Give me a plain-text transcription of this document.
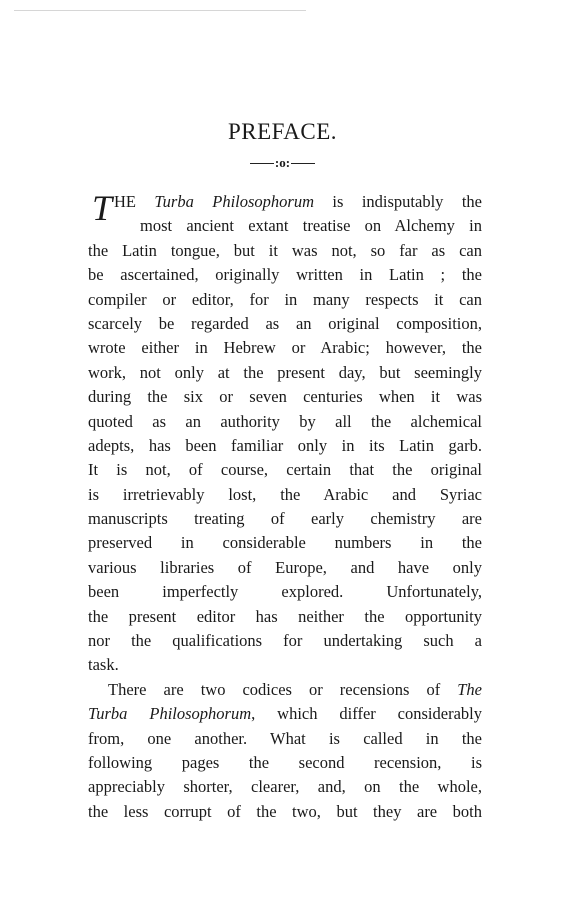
PREFACE.
:o:
T HE Turba Philosophorum is indisputably the
most ancient extant treatise on Alchemy in
the Latin tongue, but it was not, so far as can
be ascertained, originally written in Latin ; the
compiler or editor, for in many respects it can
scarcely be regarded as an original composition,
wrote either in Hebrew or Arabic; however, the
work, not only at the present day, but seemingly
during the six or seven centuries when it was
quoted as an authority by all the alchemical
adepts, has been familiar only in its Latin garb.
It is not, of course, certain that the original
is irretrievably lost, the Arabic and Syriac
manuscripts treating of early chemistry are
preserved in considerable numbers in the
various libraries of Europe, and have only
been imperfectly explored. Unfortunately,
the present editor has neither the opportunity
nor the qualifications for undertaking such a
task.
There are two codices or recensions of The
Turba Philosophorum, which differ considerably
from, one another. What is called in the
following pages the second recension, is
appreciably shorter, clearer, and, on the whole,
the less corrupt of the two, but they are both
